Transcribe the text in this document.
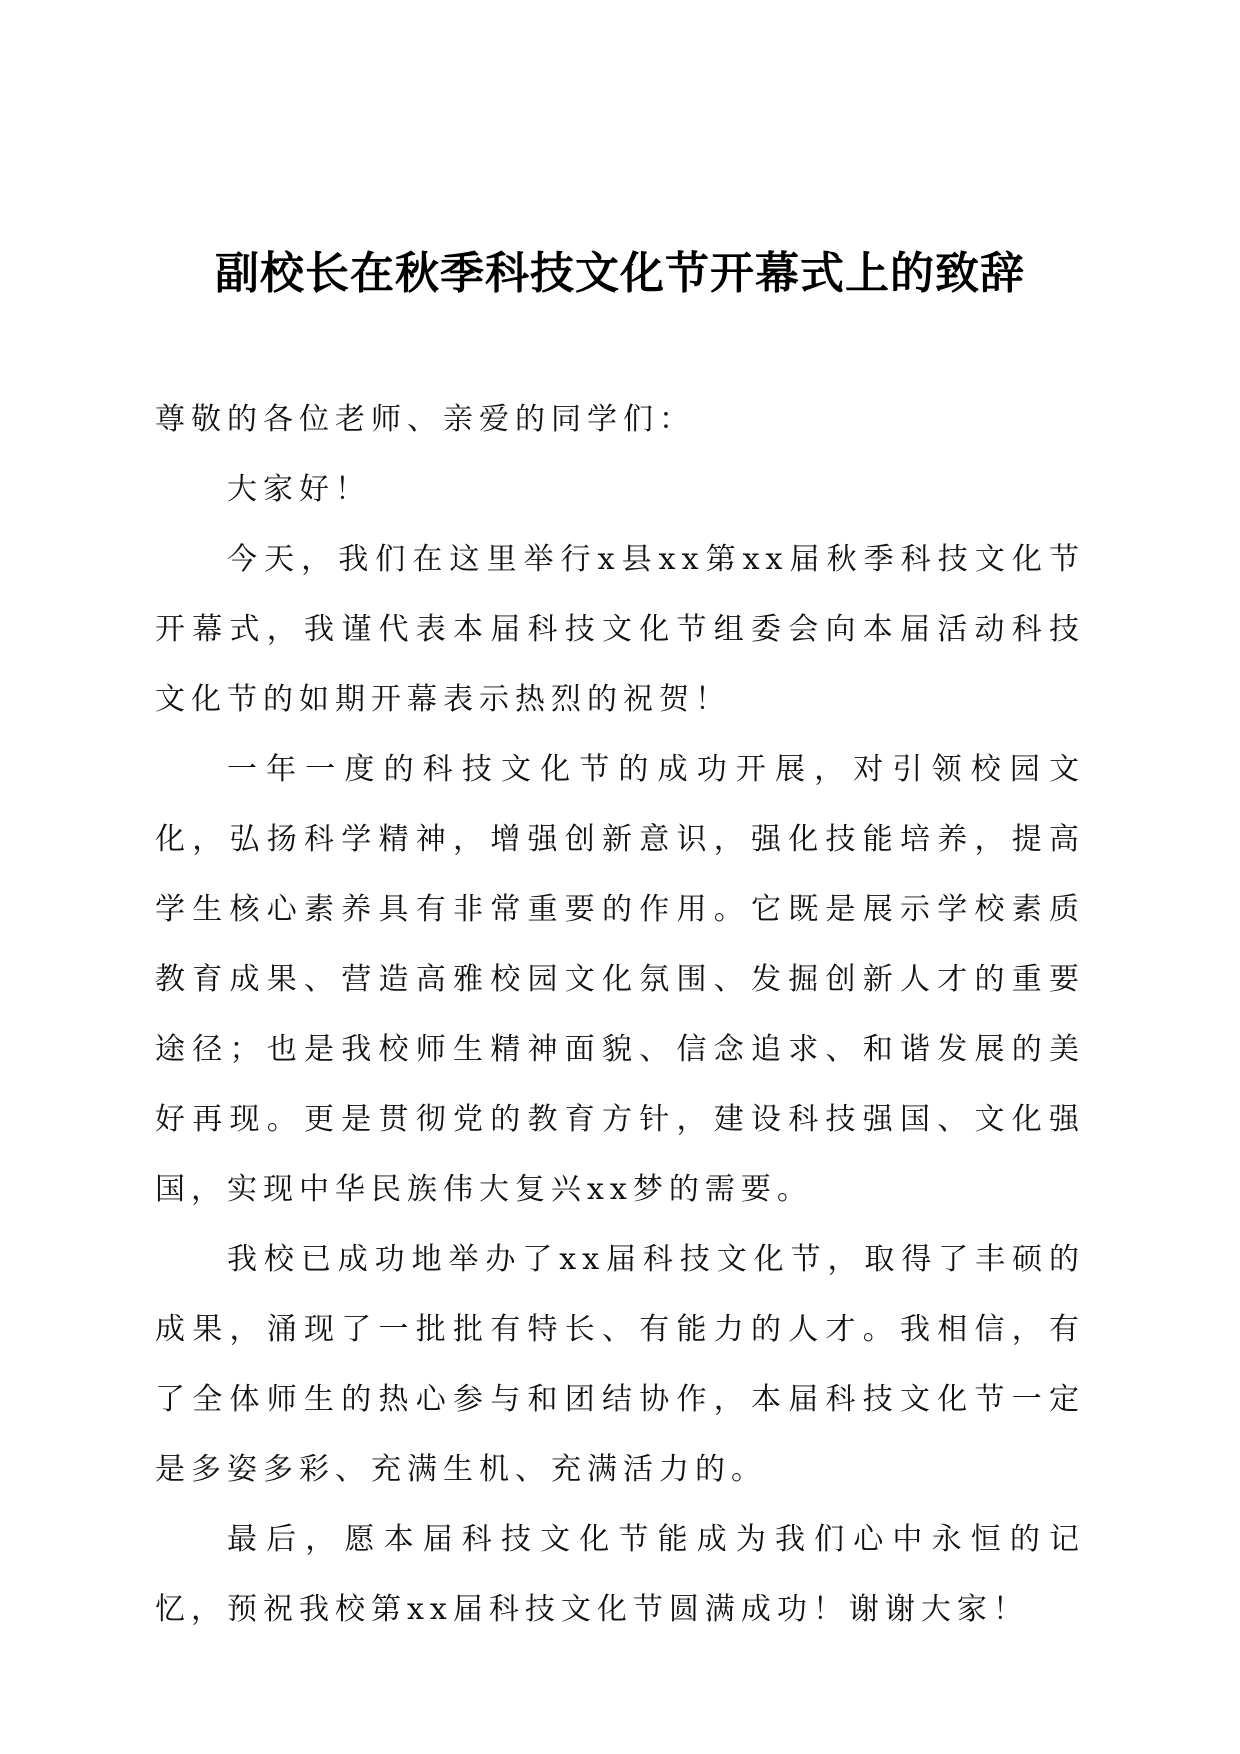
副校长在秋季科技文化节开幕式上的致辞

尊敬的各位老师、亲爱的同学们：

大家好！

今天，我们在这里举行x县xx第xx届秋季科技文化节开幕式，我谨代表本届科技文化节组委会向本届活动科技文化节的如期开幕表示热烈的祝贺！

一年一度的科技文化节的成功开展，对引领校园文化，弘扬科学精神，增强创新意识，强化技能培养，提高学生核心素养具有非常重要的作用。它既是展示学校素质教育成果、营造高雅校园文化氛围、发掘创新人才的重要途径；也是我校师生精神面貌、信念追求、和谐发展的美好再现。更是贯彻党的教育方针，建设科技强国、文化强国，实现中华民族伟大复兴xx梦的需要。

我校已成功地举办了xx届科技文化节，取得了丰硕的成果，涌现了一批批有特长、有能力的人才。我相信，有了全体师生的热心参与和团结协作，本届科技文化节一定是多姿多彩、充满生机、充满活力的。

最后，愿本届科技文化节能成为我们心中永恒的记忆，预祝我校第xx届科技文化节圆满成功！谢谢大家！
